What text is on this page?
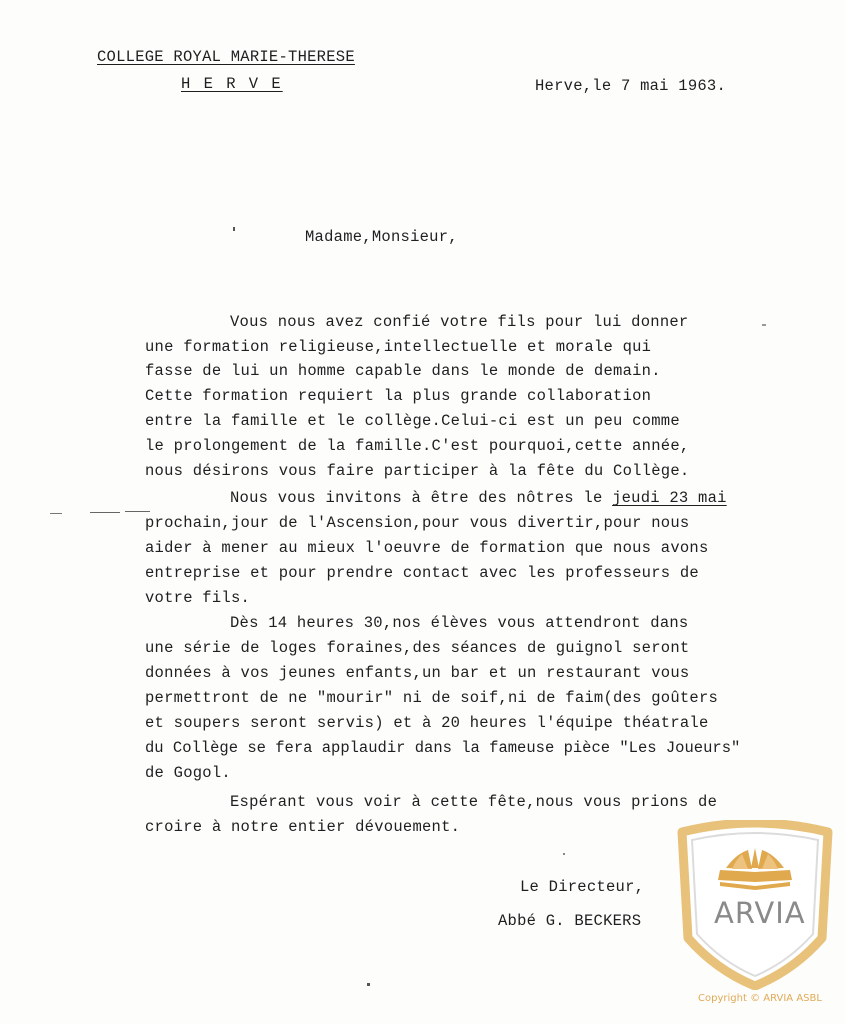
COLLEGE ROYAL MARIE-THERESE
H E R V E	Herve,le 7 mai 1963.
Madame,Monsieur,
Vous nous avez confié votre fils pour lui donner
une formation religieuse,intellectuelle et morale qui
fasse de lui un homme capable dans le monde de demain.
Cette formation requiert la plus grande collaboration
entre la famille et le collège.Celui-ci est un peu comme
le prolongement de la famille.C'est pourquoi,cette année,
nous désirons vous faire participer à la fête du Collège.
Nous vous invitons à être des nôtres le jeudi 23 mai
prochain,jour de l'Ascension,pour vous divertir,pour nous
aider à mener au mieux l'oeuvre de formation que nous avons
entreprise et pour prendre contact avec les professeurs de
votre fils.
Dès 14 heures 30,nos élèves vous attendront dans
une série de loges foraines,des séances de guignol seront
données à vos jeunes enfants,un bar et un restaurant vous
permettront de ne "mourir" ni de soif,ni de faim(des goûters
et soupers seront servis) et à 20 heures l'équipe théatrale
du Collège se fera applaudir dans la fameuse pièce "Les Joueurs"
de Gogol.
Espérant vous voir à cette fête,nous vous prions de
croire à notre entier dévouement.
Le Directeur,
Abbé G. BECKERS	ARVIA
Copyright © ARVIA ASBL
